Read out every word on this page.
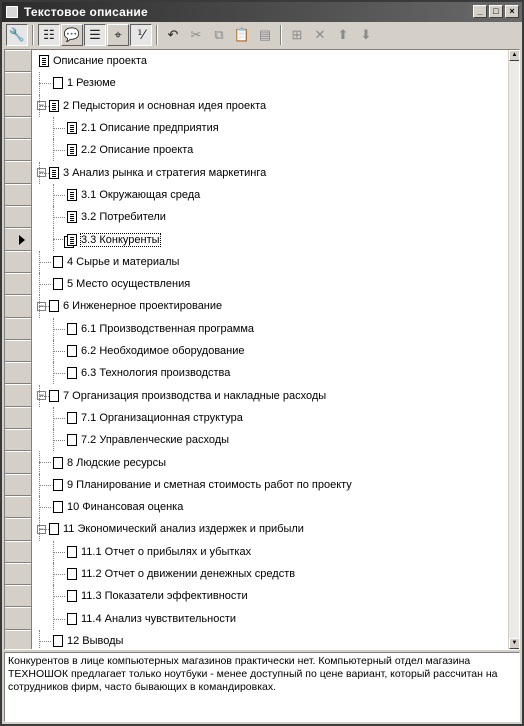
Текстовое описание	_	□	×
🔧	☷ 💬 ☰	⌖	⅟	↶ ✂ ⧉ 📋 ▤	⊞ ✕ ⬆ ⬇
Описание проекта
1 Резюме
− 2 Педыстория и основная идея проекта
2.1 Описание предприятия
2.2 Описание проекта
− 3 Анализ рынка и стратегия маркетинга
3.1 Окружающая среда
3.2 Потребители
3.3 Конкуренты
4 Сырье и материалы
5 Место осуществления
− 6 Инженерное проектирование
6.1 Производственная программа
6.2 Необходимое оборудование
6.3 Технология производства
− 7 Организация производства и накладные расходы
7.1 Организационная структура
7.2 Управленческие расходы
8 Людские ресурсы
9 Планирование и сметная стоимость работ по проекту
10 Финансовая оценка
− 11 Экономический анализ издержек и прибыли
11.1 Отчет о прибылях и убытках
11.2 Отчет о движении денежных средств
11.3 Показатели эффективности
11.4 Анализ чувствительности
12 Выводы
▲
▼
Конкурентов в лице компьютерных магазинов практически нет. Компьютерный отдел магазина ТЕХНОШОК предлагает только ноутбуки - менее доступный по цене вариант, который рассчитан на сотрудников фирм, часто бывающих в командировках.
